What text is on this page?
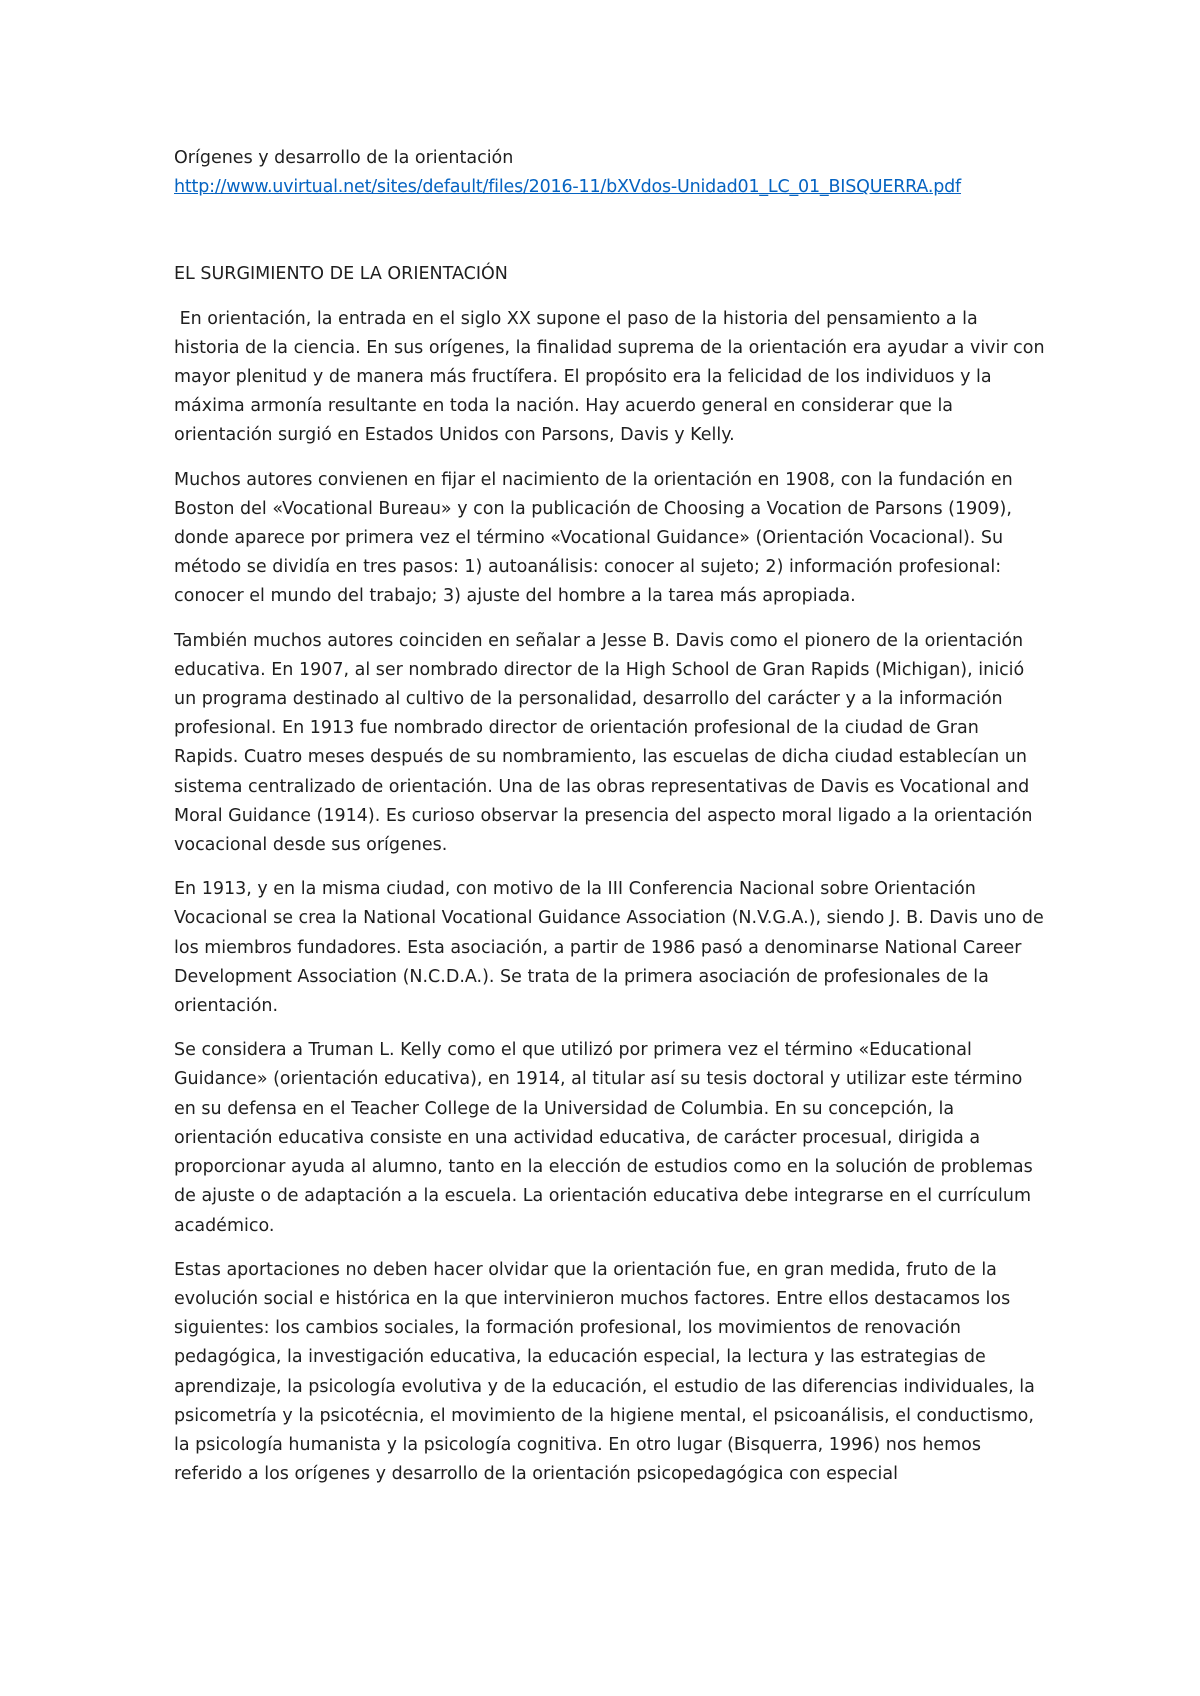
Orígenes y desarrollo de la orientación

http://www.uvirtual.net/sites/default/files/2016-11/bXVdos-Unidad01_LC_01_BISQUERRA.pdf

EL SURGIMIENTO DE LA ORIENTACIÓN

En orientación, la entrada en el siglo XX supone el paso de la historia del pensamiento a la historia de la ciencia. En sus orígenes, la finalidad suprema de la orientación era ayudar a vivir con mayor plenitud y de manera más fructífera. El propósito era la felicidad de los individuos y la máxima armonía resultante en toda la nación. Hay acuerdo general en considerar que la orientación surgió en Estados Unidos con Parsons, Davis y Kelly.

Muchos autores convienen en fijar el nacimiento de la orientación en 1908, con la fundación en Boston del «Vocational Bureau» y con la publicación de Choosing a Vocation de Parsons (1909), donde aparece por primera vez el término «Vocational Guidance» (Orientación Vocacional). Su método se dividía en tres pasos: 1) autoanálisis: conocer al sujeto; 2) información profesional: conocer el mundo del trabajo; 3) ajuste del hombre a la tarea más apropiada.

También muchos autores coinciden en señalar a Jesse B. Davis como el pionero de la orientación educativa. En 1907, al ser nombrado director de la High School de Gran Rapids (Michigan), inició un programa destinado al cultivo de la personalidad, desarrollo del carácter y a la información profesional. En 1913 fue nombrado director de orientación profesional de la ciudad de Gran Rapids. Cuatro meses después de su nombramiento, las escuelas de dicha ciudad establecían un sistema centralizado de orientación. Una de las obras representativas de Davis es Vocational and Moral Guidance (1914). Es curioso observar la presencia del aspecto moral ligado a la orientación vocacional desde sus orígenes.

En 1913, y en la misma ciudad, con motivo de la III Conferencia Nacional sobre Orientación Vocacional se crea la National Vocational Guidance Association (N.V.G.A.), siendo J. B. Davis uno de los miembros fundadores. Esta asociación, a partir de 1986 pasó a denominarse National Career Development Association (N.C.D.A.). Se trata de la primera asociación de profesionales de la orientación.

Se considera a Truman L. Kelly como el que utilizó por primera vez el término «Educational Guidance» (orientación educativa), en 1914, al titular así su tesis doctoral y utilizar este término en su defensa en el Teacher College de la Universidad de Columbia. En su concepción, la orientación educativa consiste en una actividad educativa, de carácter procesual, dirigida a proporcionar ayuda al alumno, tanto en la elección de estudios como en la solución de problemas de ajuste o de adaptación a la escuela. La orientación educativa debe integrarse en el currículum académico.

Estas aportaciones no deben hacer olvidar que la orientación fue, en gran medida, fruto de la evolución social e histórica en la que intervinieron muchos factores. Entre ellos destacamos los siguientes: los cambios sociales, la formación profesional, los movimientos de renovación pedagógica, la investigación educativa, la educación especial, la lectura y las estrategias de aprendizaje, la psicología evolutiva y de la educación, el estudio de las diferencias individuales, la psicometría y la psicotécnia, el movimiento de la higiene mental, el psicoanálisis, el conductismo, la psicología humanista y la psicología cognitiva. En otro lugar (Bisquerra, 1996) nos hemos referido a los orígenes y desarrollo de la orientación psicopedagógica con especial
